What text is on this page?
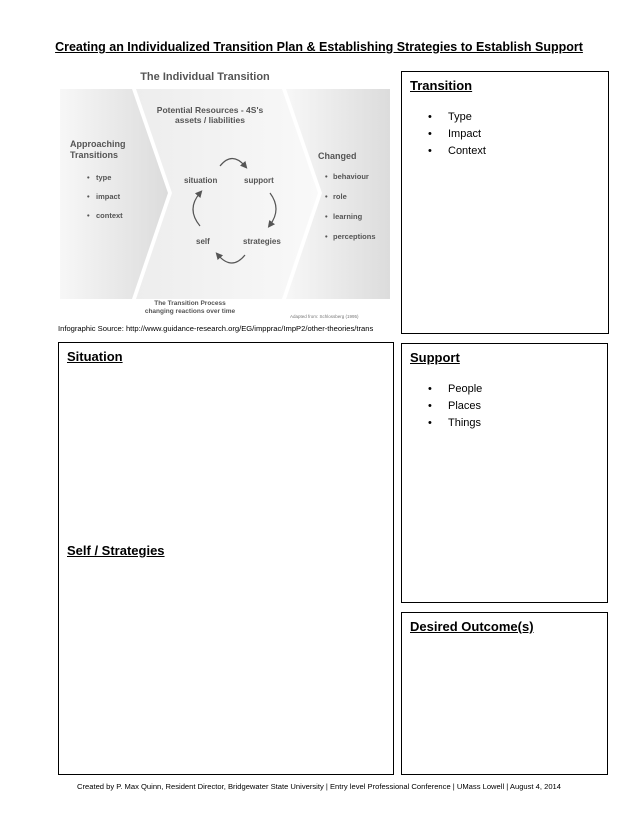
Creating an Individualized Transition Plan & Establishing Strategies to Establish Support
The Individual Transition
Potential Resources - 4S's
assets / liabilities
Approaching
Transitions
type
impact
context
•
•
•
Changed
behaviour
role
learning
perceptions
•
•
•
•
situation	support
self	strategies
The Transition Process
changing reactions over time
Adapted from: Schlossberg (1995)
Infographic Source: http://www.guidance-research.org/EG/impprac/ImpP2/other-theories/trans
Transition
• Type
• Impact
• Context
Situation
Self / Strategies
Support
• People
• Places
• Things
Desired Outcome(s)
Created by P. Max Quinn, Resident Director, Bridgewater State University | Entry level Professional Conference | UMass Lowell | August 4, 2014
